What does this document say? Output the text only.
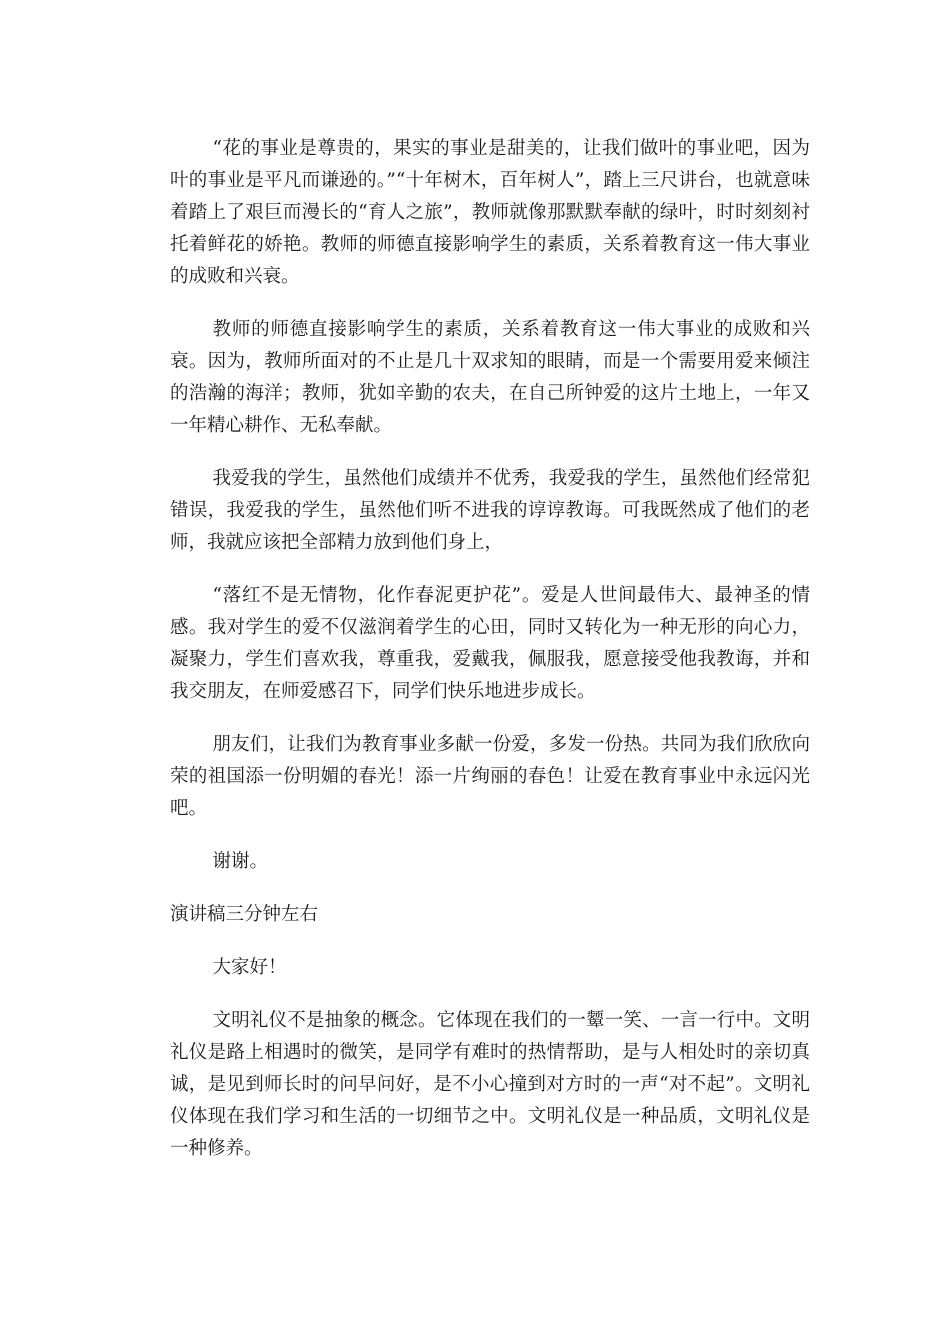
“花的事业是尊贵的，果实的事业是甜美的，让我们做叶的事业吧，因为叶的事业是平凡而谦逊的。”“十年树木，百年树人”，踏上三尺讲台，也就意味着踏上了艰巨而漫长的“育人之旅”，教师就像那默默奉献的绿叶，时时刻刻衬托着鲜花的娇艳。教师的师德直接影响学生的素质，关系着教育这一伟大事业的成败和兴衰。

教师的师德直接影响学生的素质，关系着教育这一伟大事业的成败和兴衰。因为，教师所面对的不止是几十双求知的眼睛，而是一个需要用爱来倾注的浩瀚的海洋；教师，犹如辛勤的农夫，在自己所钟爱的这片土地上，一年又一年精心耕作、无私奉献。

我爱我的学生，虽然他们成绩并不优秀，我爱我的学生，虽然他们经常犯错误，我爱我的学生，虽然他们听不进我的谆谆教诲。可我既然成了他们的老师，我就应该把全部精力放到他们身上，

“落红不是无情物，化作春泥更护花”。爱是人世间最伟大、最神圣的情感。我对学生的爱不仅滋润着学生的心田，同时又转化为一种无形的向心力，凝聚力，学生们喜欢我，尊重我，爱戴我，佩服我，愿意接受他我教诲，并和我交朋友，在师爱感召下，同学们快乐地进步成长。

朋友们，让我们为教育事业多献一份爱，多发一份热。共同为我们欣欣向荣的祖国添一份明媚的春光！添一片绚丽的春色！让爱在教育事业中永远闪光吧。

谢谢。

演讲稿三分钟左右

大家好！

文明礼仪不是抽象的概念。它体现在我们的一颦一笑、一言一行中。文明礼仪是路上相遇时的微笑，是同学有难时的热情帮助，是与人相处时的亲切真诚，是见到师长时的问早问好，是不小心撞到对方时的一声“对不起”。文明礼仪体现在我们学习和生活的一切细节之中。文明礼仪是一种品质，文明礼仪是一种修养。
